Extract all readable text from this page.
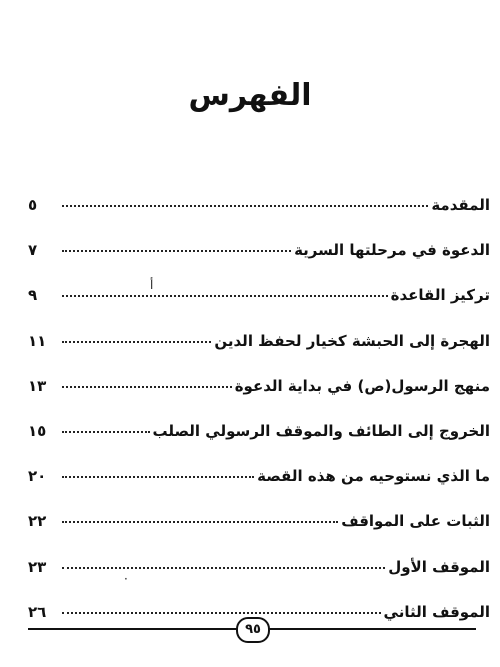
الفهرس
المقدمة
٥
الدعوة في مرحلتها السرية
٧
تركيز القاعدة
٩
الهجرة إلى الحبشة كخيار لحفظ الدين
١١
منهج الرسول(ص) في بداية الدعوة
١٣
الخروج إلى الطائف والموقف الرسولي الصلب
١٥
ما الذي نستوحيه من هذه القصة
٢٠
الثبات على المواقف
٢٢
الموقف الأول
٢٣
الموقف الثاني
٢٦
أ
·
٩٥
